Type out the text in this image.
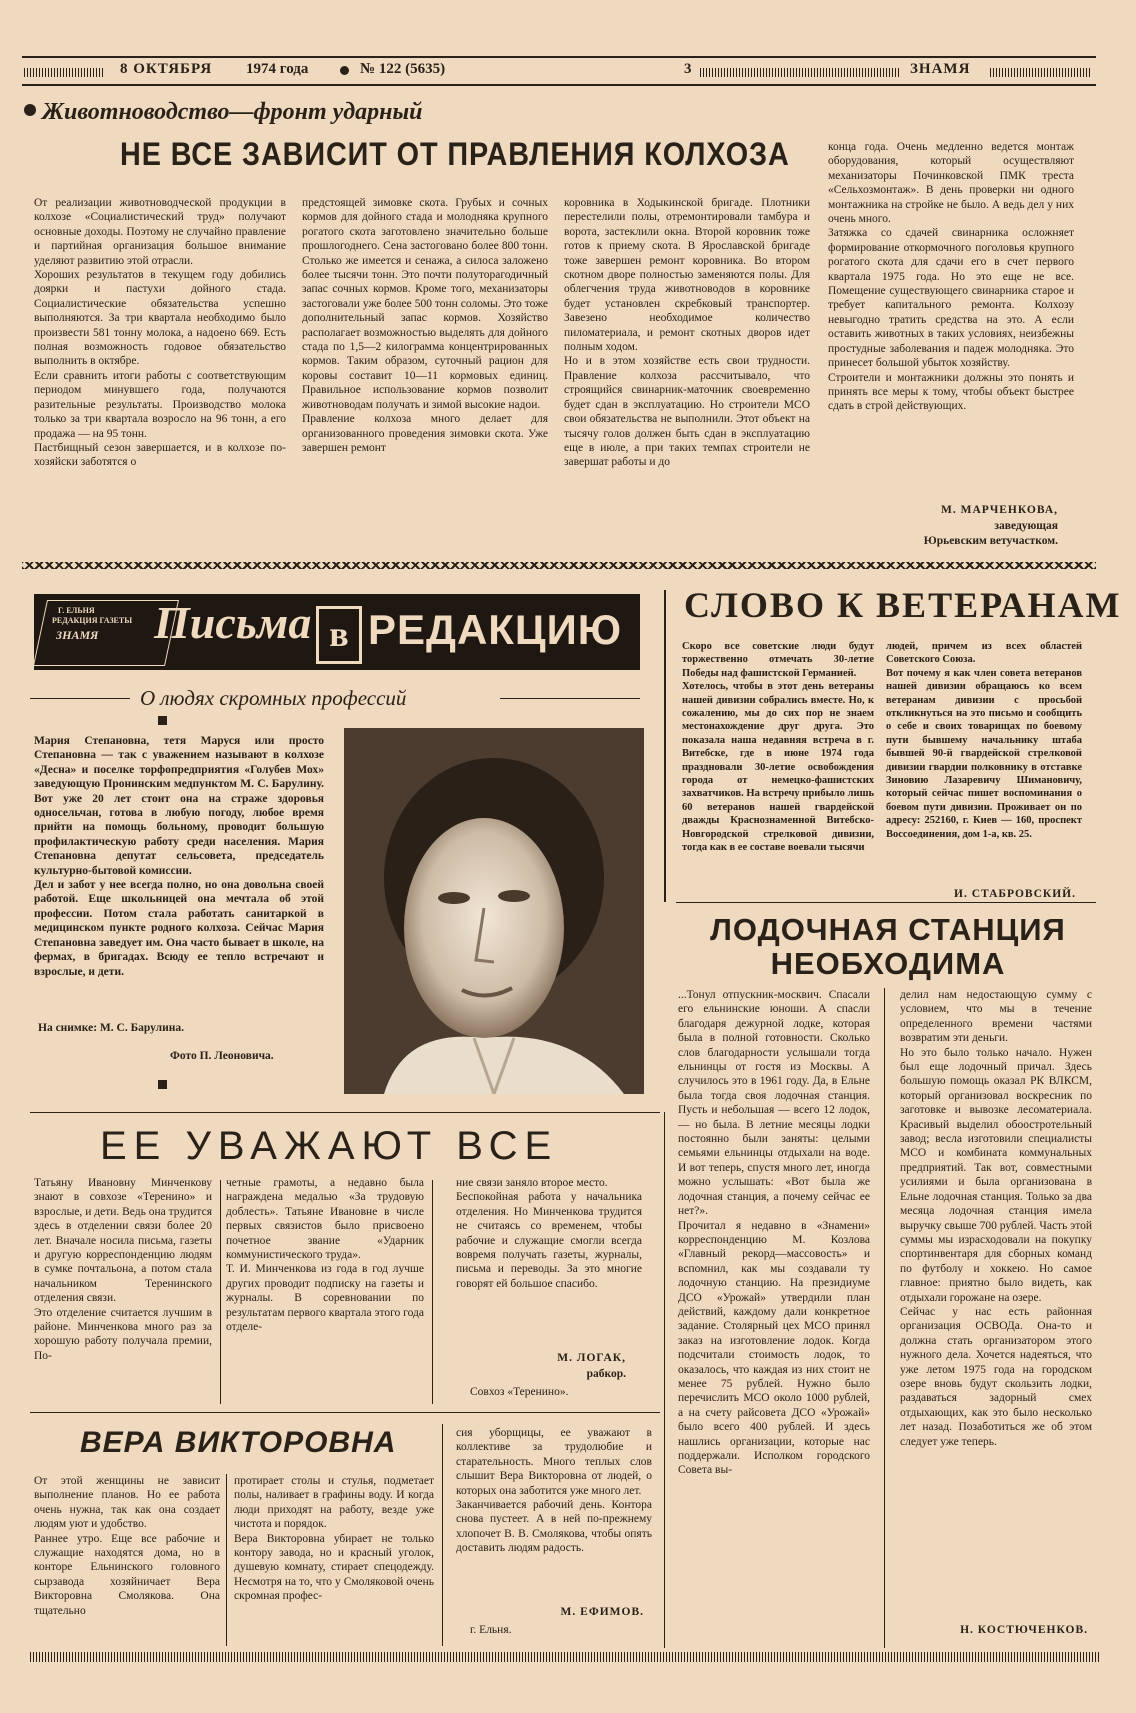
8 ОКТЯБРЯ 1974 года	№ 122 (5635)	3	ЗНАМЯ
Животноводство—фронт ударный
НЕ ВСЕ ЗАВИСИТ ОТ ПРАВЛЕНИЯ КОЛХОЗА
От реализации животноводческой продукции в колхозе «Социалистический труд» получают основные доходы. Поэтому не случайно правление и партийная организация большое внимание уделяют развитию этой отрасли.
Хороших результатов в текущем году добились доярки и пастухи дойного стада. Социалистические обязательства успешно выполняются. За три квартала необходимо было произвести 581 тонну молока, а надоено 669. Есть полная возможность годовое обязательство выполнить в октябре.
Если сравнить итоги работы с соответствующим периодом минувшего года, получаются разительные результаты. Производство молока только за три квартала возросло на 96 тонн, а его продажа — на 95 тонн.
Пастбищный сезон завершается, и в колхозе по-хозяйски заботятся о
предстоящей зимовке скота. Грубых и сочных кормов для дойного стада и молодняка крупного рогатого скота заготовлено значительно больше прошлогоднего. Сена застоговано более 800 тонн. Столько же имеется и сенажа, а силоса заложено более тысячи тонн. Это почти полуторагодичный запас сочных кормов. Кроме того, механизаторы застоговали уже более 500 тонн соломы. Это тоже дополнительный запас кормов. Хозяйство располагает возможностью выделять для дойного стада по 1,5—2 килограмма концентрированных кормов. Таким образом, суточный рацион для коровы составит 10—11 кормовых единиц. Правильное использование кормов позволит животноводам получать и зимой высокие надои.
Правление колхоза много делает для организованного проведения зимовки скота. Уже завершен ремонт
коровника в Ходыкинской бригаде. Плотники перестелили полы, отремонтировали тамбура и ворота, застеклили окна. Второй коровник тоже готов к приему скота. В Ярославской бригаде тоже завершен ремонт коровника. Во втором скотном дворе полностью заменяются полы. Для облегчения труда животноводов в коровнике будет установлен скребковый транспортер. Завезено необходимое количество пиломатериала, и ремонт скотных дворов идет полным ходом.
Но и в этом хозяйстве есть свои трудности. Правление колхоза рассчитывало, что строящийся свинарник-маточник своевременно будет сдан в эксплуатацию. Но строители МСО свои обязательства не выполнили. Этот объект на тысячу голов должен быть сдан в эксплуатацию еще в июле, а при таких темпах строители не завершат работы и до
конца года. Очень медленно ведется монтаж оборудования, который осуществляют механизаторы Починковской ПМК треста «Сельхозмонтаж». В день проверки ни одного монтажника на стройке не было. А ведь дел у них очень много.
Затяжка со сдачей свинарника осложняет формирование откормочного поголовья крупного рогатого скота для сдачи его в счет первого квартала 1975 года. Но это еще не все. Помещение существующего свинарника старое и требует капитального ремонта. Колхозу невыгодно тратить средства на это. А если оставить животных в таких условиях, неизбежны простудные заболевания и падеж молодняка. Это принесет большой убыток хозяйству.
Строители и монтажники должны это понять и принять все меры к тому, чтобы объект быстрее сдать в строй действующих.
М. МАРЧЕНКОВА,
заведующая
Юрьевским ветучастком.
Г. ЕЛЬНЯ
РЕДАКЦИЯ ГАЗЕТЫ
ЗНАМЯ Письма в РЕДАКЦИЮ
О людях скромных профессий
Мария Степановна, тетя Маруся или просто Степановна — так с уважением называют в колхозе «Десна» и поселке торфопредприятия «Голубев Мох» заведующую Пронинским медпунктом М. С. Барулину. Вот уже 20 лет стоит она на страже здоровья односельчан, готова в любую погоду, любое время прийти на помощь больному, проводит большую профилактическую работу среди населения. Мария Степановна депутат сельсовета, председатель культурно-бытовой комиссии.
Дел и забот у нее всегда полно, но она довольна своей работой. Еще школьницей она мечтала об этой профессии. Потом стала работать санитаркой в медицинском пункте родного колхоза. Сейчас Мария Степановна заведует им. Она часто бывает в школе, на фермах, в бригадах. Всюду ее тепло встречают и взрослые, и дети.
На снимке: М. С. Барулина.
Фото П. Леоновича.
СЛОВО К ВЕТЕРАНАМ
Скоро все советские люди будут торжественно отмечать 30-летие Победы над фашистской Германией.
Хотелось, чтобы в этот день ветераны нашей дивизии собрались вместе. Но, к сожалению, мы до сих пор не знаем местонахождение друг друга. Это показала наша недавняя встреча в г. Витебске, где в июне 1974 года праздновали 30-летие освобождения города от немецко-фашистских захватчиков. На встречу прибыло лишь 60 ветеранов нашей гвардейской дважды Краснознаменной Витебско-Новгородской стрелковой дивизии, тогда как в ее составе воевали тысячи
людей, причем из всех областей Советского Союза.
Вот почему я как член совета ветеранов нашей дивизии обращаюсь ко всем ветеранам дивизии с просьбой откликнуться на это письмо и сообщить о себе и своих товарищах по боевому пути бывшему начальнику штаба бывшей 90-й гвардейской стрелковой дивизии гвардии полковнику в отставке Зиновию Лазаревичу Шимановичу, который сейчас пишет воспоминания о боевом пути дивизии. Проживает он по адресу: 252160, г. Киев — 160, проспект Воссоединения, дом 1-а, кв. 25.
И. СТАБРОВСКИЙ.
ЛОДОЧНАЯ СТАНЦИЯ
НЕОБХОДИМА
...Тонул отпускник-москвич. Спасали его ельнинские юноши. А спасли благодаря дежурной лодке, которая была в полной готовности. Сколько слов благодарности услышали тогда ельнинцы от гостя из Москвы. А случилось это в 1961 году. Да, в Ельне была тогда своя лодочная станция. Пусть и небольшая — всего 12 лодок, — но была. В летние месяцы лодки постоянно были заняты: целыми семьями ельнинцы отдыхали на воде. И вот теперь, спустя много лет, иногда можно услышать: «Вот была же лодочная станция, а почему сейчас ее нет?».
Прочитал я недавно в «Знамени» корреспонденцию М. Козлова «Главный рекорд—массовость» и вспомнил, как мы создавали ту лодочную станцию. На президиуме ДСО «Урожай» утвердили план действий, каждому дали конкретное задание. Столярный цех МСО принял заказ на изготовление лодок. Когда подсчитали стоимость лодок, то оказалось, что каждая из них стоит не менее 75 рублей. Нужно было перечислить МСО около 1000 рублей, а на счету райсовета ДСО «Урожай» было всего 400 рублей. И здесь нашлись организации, которые нас поддержали. Исполком городского Совета вы-
делил нам недостающую сумму с условием, что мы в течение определенного времени частями возвратим эти деньги.
Но это было только начало. Нужен был еще лодочный причал. Здесь большую помощь оказал РК ВЛКСМ, который организовал воскресник по заготовке и вывозке лесоматериала. Красивый выделил обоостротельный завод; весла изготовили специалисты МСО и комбината коммунальных предприятий. Так вот, совместными усилиями и была организована в Ельне лодочная станция. Только за два месяца лодочная станция имела выручку свыше 700 рублей. Часть этой суммы мы израсходовали на покупку спортинвентаря для сборных команд по футболу и хоккею. Но самое главное: приятно было видеть, как отдыхали горожане на озере.
Сейчас у нас есть районная организация ОСВОДа. Она-то и должна стать организатором этого нужного дела. Хочется надеяться, что уже летом 1975 года на городском озере вновь будут скользить лодки, раздаваться задорный смех отдыхающих, как это было несколько лет назад. Позаботиться же об этом следует уже теперь.
Н. КОСТЮЧЕНКОВ.
ЕЕ УВАЖАЮТ ВСЕ
Татьяну Ивановну Минченкову знают в совхозе «Теренино» и взрослые, и дети. Ведь она трудится здесь в отделении связи более 20 лет. Вначале носила письма, газеты и другую корреспонденцию людям в сумке почтальона, а потом стала начальником Теренинского отделения связи.
Это отделение считается лучшим в районе. Минченкова много раз за хорошую работу получала премии, По-
четные грамоты, а недавно была награждена медалью «За трудовую доблесть». Татьяне Ивановне в числе первых связистов было присвоено почетное звание «Ударник коммунистического труда».
Т. И. Минченкова из года в год лучше других проводит подписку на газеты и журналы. В соревновании по результатам первого квартала этого года отделе-
ние связи заняло второе место.
Беспокойная работа у начальника отделения. Но Минченкова трудится не считаясь со временем, чтобы рабочие и служащие смогли всегда вовремя получать газеты, журналы, письма и переводы. За это многие говорят ей большое спасибо.
М. ЛОГАК,
рабкор.
Совхоз «Теренино».
ВЕРА ВИКТОРОВНА
От этой женщины не зависит выполнение планов. Но ее работа очень нужна, так как она создает людям уют и удобство.
Раннее утро. Еще все рабочие и служащие находятся дома, но в конторе Ельнинского головного сырзавода хозяйничает Вера Викторовна Смолякова. Она тщательно
протирает столы и стулья, подметает полы, наливает в графины воду. И когда люди приходят на работу, везде уже чистота и порядок.
Вера Викторовна убирает не только контору завода, но и красный уголок, душевую комнату, стирает спецодежду. Несмотря на то, что у Смоляковой очень скромная профес-
сия уборщицы, ее уважают в коллективе за трудолюбие и старательность. Много теплых слов слышит Вера Викторовна от людей, о которых она заботится уже много лет.
Заканчивается рабочий день. Контора снова пустеет. А в ней по-прежнему хлопочет В. В. Смолякова, чтобы опять доставить людям радость.
М. ЕФИМОВ.
г. Ельня.
